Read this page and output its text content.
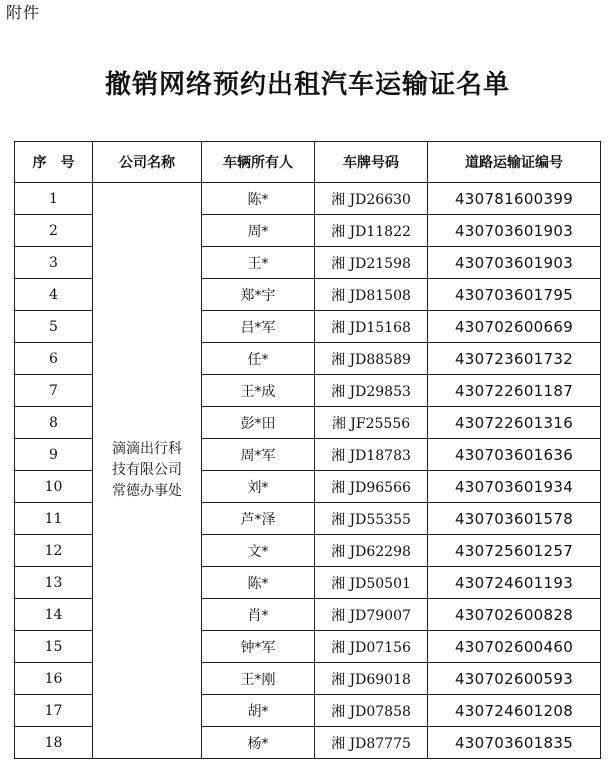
附件
撤销网络预约出租汽车运输证名单
序　号	公司名称	车辆所有人	车牌号码	道路运输证编号
1	滴滴出行科
技有限公司
常德办事处	陈*	湘 JD26630	430781600399
2		周*	湘 JD11822	430703601903
3		王*	湘 JD21598	430703601903
4		郑*宇	湘 JD81508	430703601795
5		吕*军	湘 JD15168	430702600669
6		任*	湘 JD88589	430723601732
7		王*成	湘 JD29853	430722601187
8		彭*田	湘 JF25556	430722601316
9		周*军	湘 JD18783	430703601636
10		刘*	湘 JD96566	430703601934
11		芦*泽	湘 JD55355	430703601578
12		文*	湘 JD62298	430725601257
13		陈*	湘 JD50501	430724601193
14		肖*	湘 JD79007	430702600828
15		钟*军	湘 JD07156	430702600460
16		王*刚	湘 JD69018	430702600593
17		胡*	湘 JD07858	430724601208
18		杨*	湘 JD87775	430703601835
